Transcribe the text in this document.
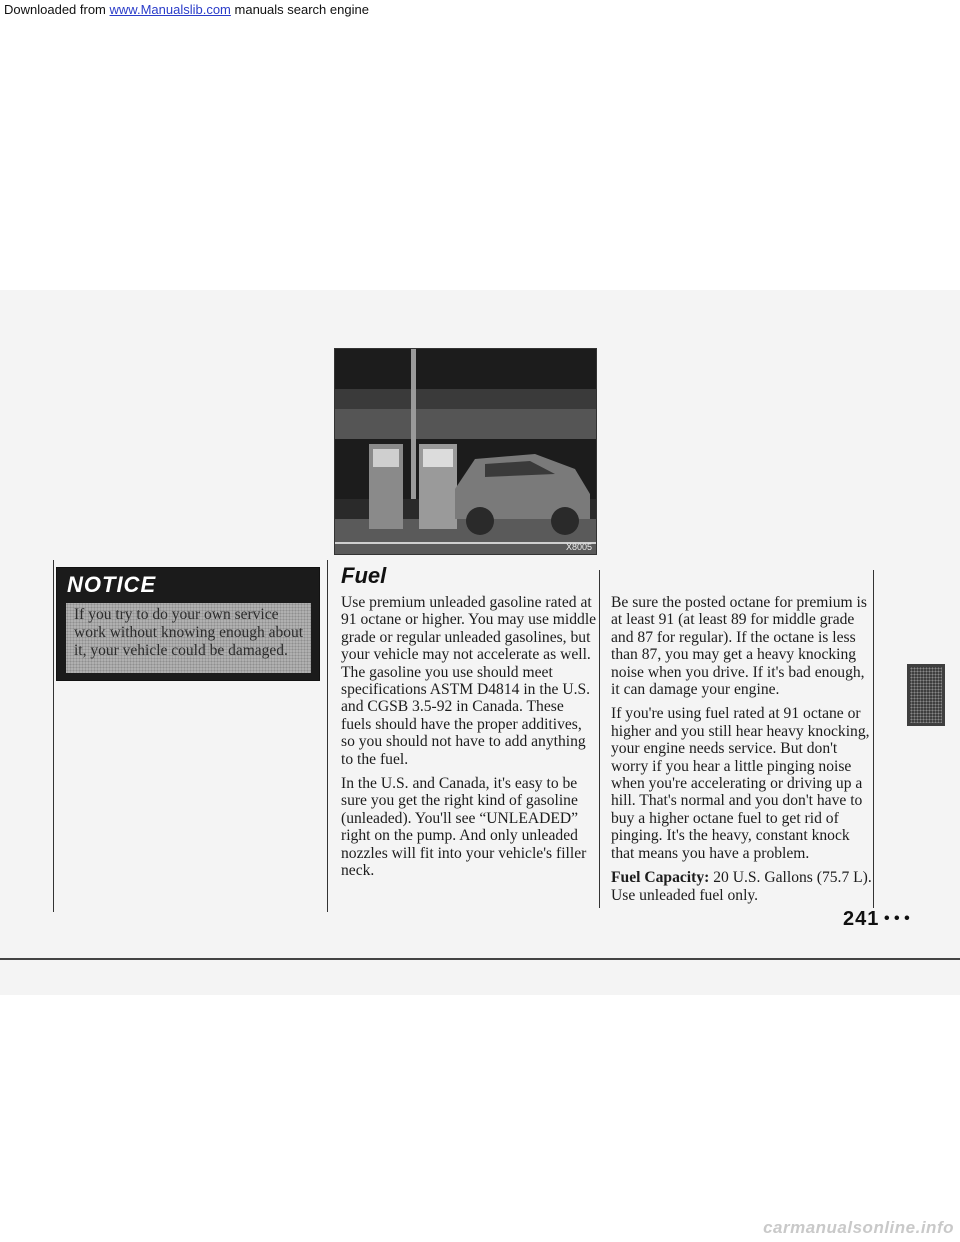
Downloaded from www.Manualslib.com manuals search engine
NOTICE
If you try to do your own service work without knowing enough about it, your vehicle could be damaged.
X8005
Fuel

Use premium unleaded gasoline rated at 91 octane or higher. You may use middle grade or regular unleaded gasolines, but your vehicle may not accelerate as well. The gasoline you use should meet specifications ASTM D4814 in the U.S. and CGSB 3.5-92 in Canada. These fuels should have the proper additives, so you should not have to add anything to the fuel.

In the U.S. and Canada, it's easy to be sure you get the right kind of gasoline (unleaded). You'll see “UNLEADED” right on the pump. And only unleaded nozzles will fit into your vehicle's filler neck.

Be sure the posted octane for premium is at least 91 (at least 89 for middle grade and 87 for regular). If the octane is less than 87, you may get a heavy knocking noise when you drive. If it's bad enough, it can damage your engine.

If you're using fuel rated at 91 octane or higher and you still hear heavy knocking, your engine needs service. But don't worry if you hear a little pinging noise when you're accelerating or driving up a hill. That's normal and you don't have to buy a higher octane fuel to get rid of pinging. It's the heavy, constant knock that means you have a problem.

Fuel Capacity: 20 U.S. Gallons (75.7 L). Use unleaded fuel only.

241 • • •
carmanualsonline.info
